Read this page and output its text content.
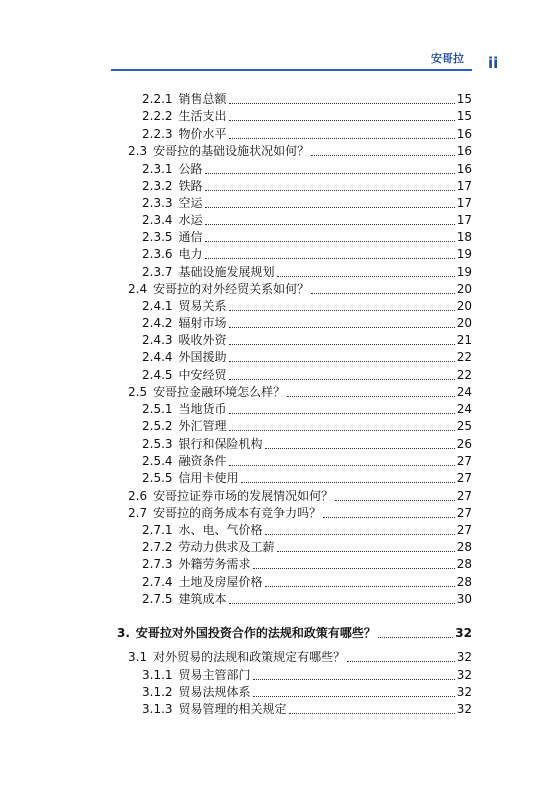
安哥拉 ii
2.2.1 销售总额	15
2.2.2 生活支出	15
2.2.3 物价水平	16
2.3 安哥拉的基础设施状况如何？	16
2.3.1 公路	16
2.3.2 铁路	17
2.3.3 空运	17
2.3.4 水运	17
2.3.5 通信	18
2.3.6 电力	19
2.3.7 基础设施发展规划	19
2.4 安哥拉的对外经贸关系如何？	20
2.4.1 贸易关系	20
2.4.2 辐射市场	20
2.4.3 吸收外资	21
2.4.4 外国援助	22
2.4.5 中安经贸	22
2.5 安哥拉金融环境怎么样？	24
2.5.1 当地货币	24
2.5.2 外汇管理	25
2.5.3 银行和保险机构	26
2.5.4 融资条件	27
2.5.5 信用卡使用	27
2.6 安哥拉证券市场的发展情况如何？	27
2.7 安哥拉的商务成本有竞争力吗？	27
2.7.1 水、电、气价格	27
2.7.2 劳动力供求及工薪	28
2.7.3 外籍劳务需求	28
2.7.4 土地及房屋价格	28
2.7.5 建筑成本	30
3. 安哥拉对外国投资合作的法规和政策有哪些？	32
3.1 对外贸易的法规和政策规定有哪些？	32
3.1.1 贸易主管部门	32
3.1.2 贸易法规体系	32
3.1.3 贸易管理的相关规定	32
